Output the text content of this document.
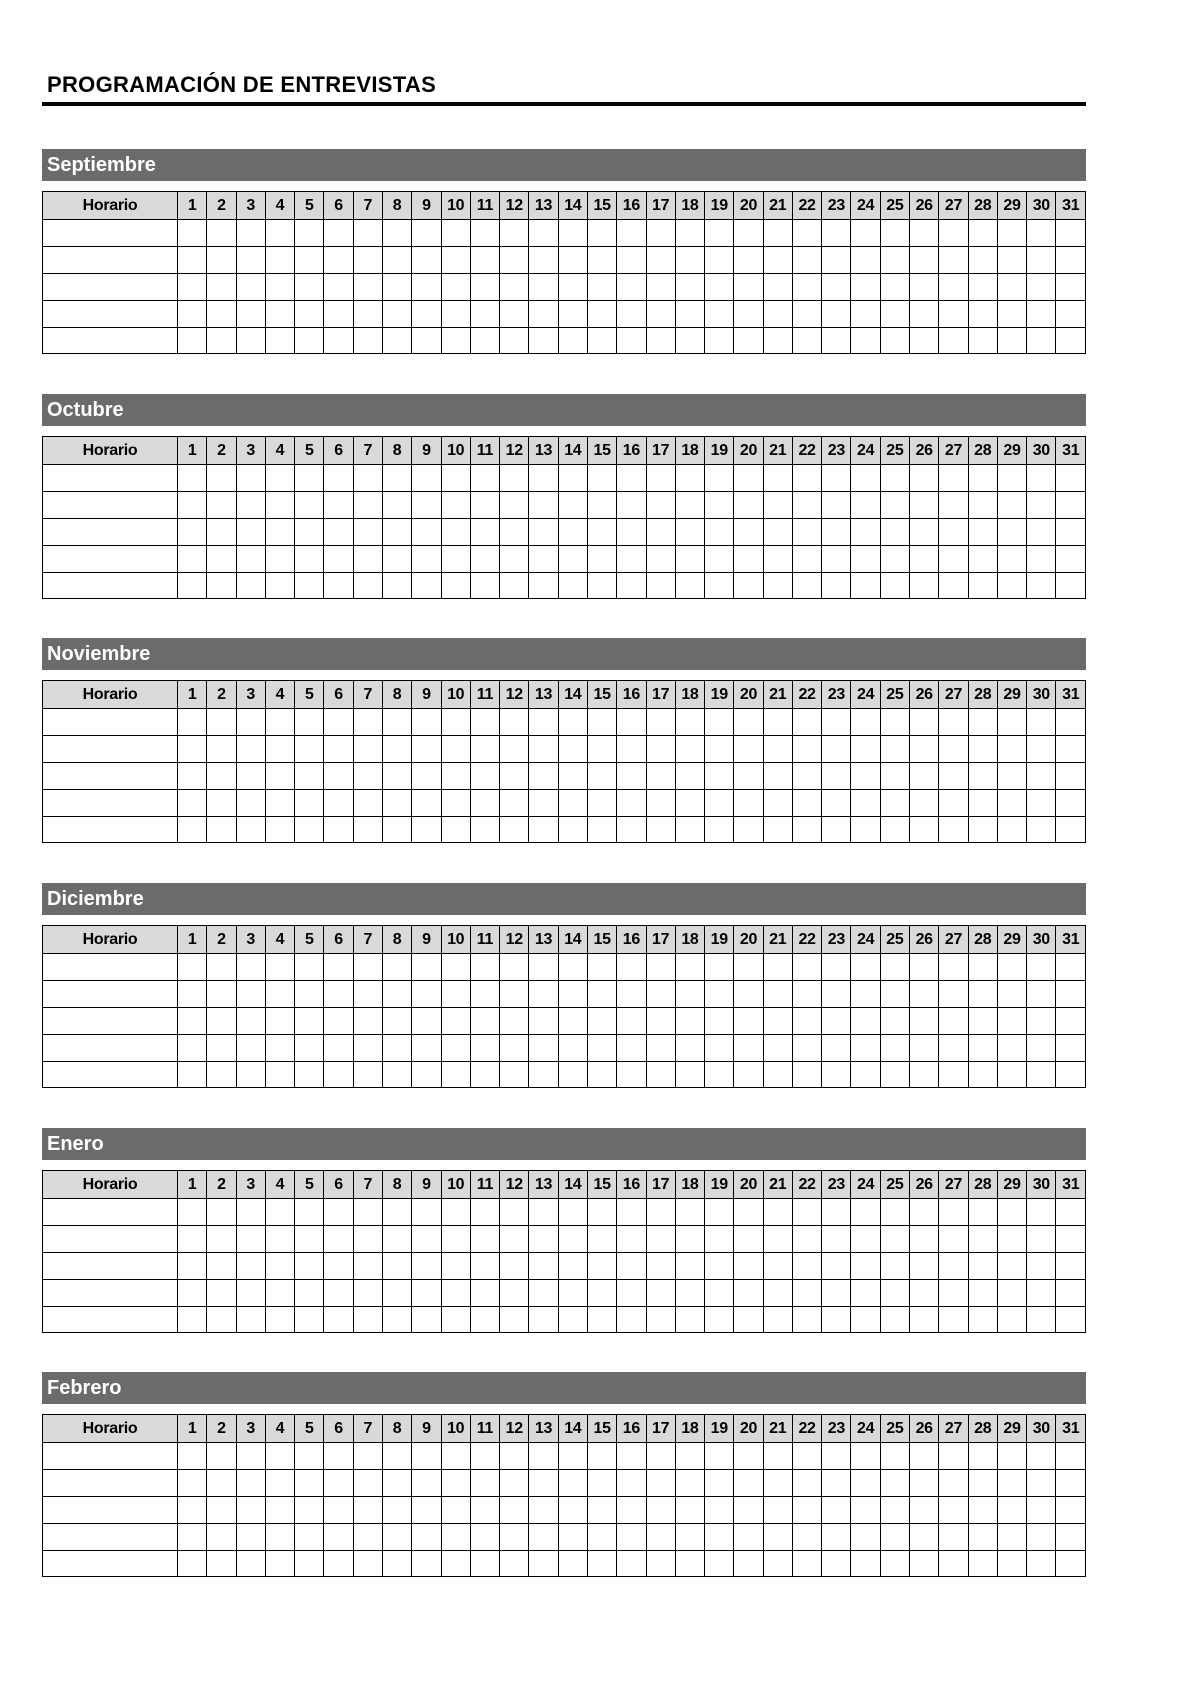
PROGRAMACIÓN DE ENTREVISTAS
Septiembre
Horario	1	2	3	4	5	6	7	8	9	10	11	12	13	14	15	16	17	18	19	20	21	22	23	24	25	26	27	28	29	30	31

Octubre
Horario	1	2	3	4	5	6	7	8	9	10	11	12	13	14	15	16	17	18	19	20	21	22	23	24	25	26	27	28	29	30	31

Noviembre
Horario	1	2	3	4	5	6	7	8	9	10	11	12	13	14	15	16	17	18	19	20	21	22	23	24	25	26	27	28	29	30	31

Diciembre
Horario	1	2	3	4	5	6	7	8	9	10	11	12	13	14	15	16	17	18	19	20	21	22	23	24	25	26	27	28	29	30	31

Enero
Horario	1	2	3	4	5	6	7	8	9	10	11	12	13	14	15	16	17	18	19	20	21	22	23	24	25	26	27	28	29	30	31

Febrero
Horario	1	2	3	4	5	6	7	8	9	10	11	12	13	14	15	16	17	18	19	20	21	22	23	24	25	26	27	28	29	30	31
